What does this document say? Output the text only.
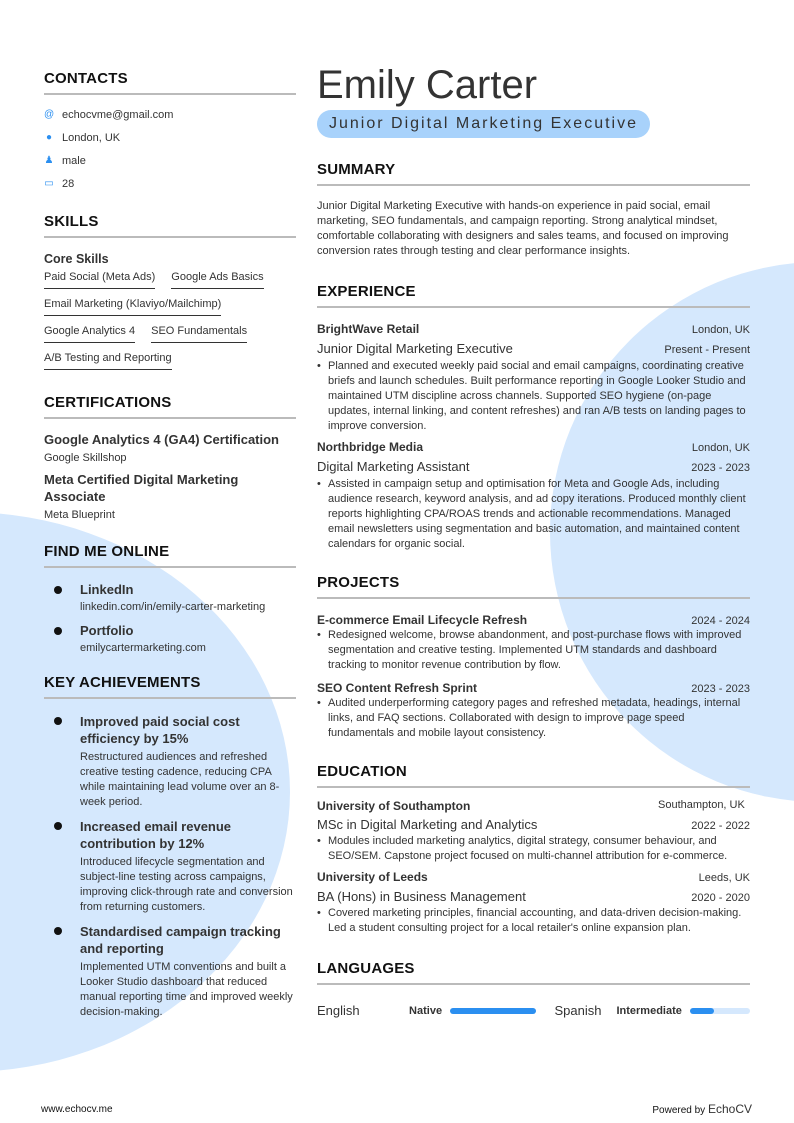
CONTACTS
@ echocvme@gmail.com
● London, UK
♟ male
▭ 28
SKILLS
Core Skills
Paid Social (Meta Ads) Google Ads Basics
Email Marketing (Klaviyo/Mailchimp)
Google Analytics 4 SEO Fundamentals
A/B Testing and Reporting
CERTIFICATIONS
Google Analytics 4 (GA4) Certification
Google Skillshop
Meta Certified Digital Marketing Associate
Meta Blueprint
FIND ME ONLINE
LinkedIn
linkedin.com/in/emily-carter-marketing
Portfolio
emilycartermarketing.com
KEY ACHIEVEMENTS
Improved paid social cost efficiency by 15%
Restructured audiences and refreshed creative testing cadence, reducing CPA while maintaining lead volume over an 8-week period.
Increased email revenue contribution by 12%
Introduced lifecycle segmentation and subject-line testing across campaigns, improving click-through rate and conversion from returning customers.
Standardised campaign tracking and reporting
Implemented UTM conventions and built a Looker Studio dashboard that reduced manual reporting time and improved weekly decision-making.
Emily Carter
Junior Digital Marketing Executive
SUMMARY

Junior Digital Marketing Executive with hands-on experience in paid social, email marketing, SEO fundamentals, and campaign reporting. Strong analytical mindset, comfortable collaborating with designers and sales teams, and focused on improving conversion rates through testing and clear performance insights.

EXPERIENCE
BrightWave Retail	London, UK
Junior Digital Marketing Executive	Present - Present
• Planned and executed weekly paid social and email campaigns, coordinating creative briefs and launch schedules. Built performance reporting in Google Looker Studio and maintained UTM discipline across channels. Supported SEO hygiene (on-page updates, internal linking, and content refreshes) and ran A/B tests on landing pages to improve conversion.
Northbridge Media	London, UK
Digital Marketing Assistant	2023 - 2023
• Assisted in campaign setup and optimisation for Meta and Google Ads, including audience research, keyword analysis, and ad copy iterations. Produced monthly client reports highlighting CPA/ROAS trends and actionable recommendations. Managed email newsletters using segmentation and basic automation, and maintained content calendars for organic social.
PROJECTS
E-commerce Email Lifecycle Refresh	2024 - 2024
• Redesigned welcome, browse abandonment, and post-purchase flows with improved segmentation and creative testing. Implemented UTM standards and dashboard tracking to monitor revenue contribution by flow.
SEO Content Refresh Sprint	2023 - 2023
• Audited underperforming category pages and refreshed metadata, headings, internal links, and FAQ sections. Collaborated with design to improve page speed fundamentals and mobile layout consistency.
EDUCATION
University of Southampton	Southampton, UK
MSc in Digital Marketing and Analytics	2022 - 2022
• Modules included marketing analytics, digital strategy, consumer behaviour, and SEO/SEM. Capstone project focused on multi-channel attribution for e-commerce.
University of Leeds	Leeds, UK
BA (Hons) in Business Management	2020 - 2020
• Covered marketing principles, financial accounting, and data-driven decision-making. Led a student consulting project for a local retailer's online expansion plan.
LANGUAGES
English	Native	Spanish	Intermediate
www.echocv.me	Powered by EchoCV
